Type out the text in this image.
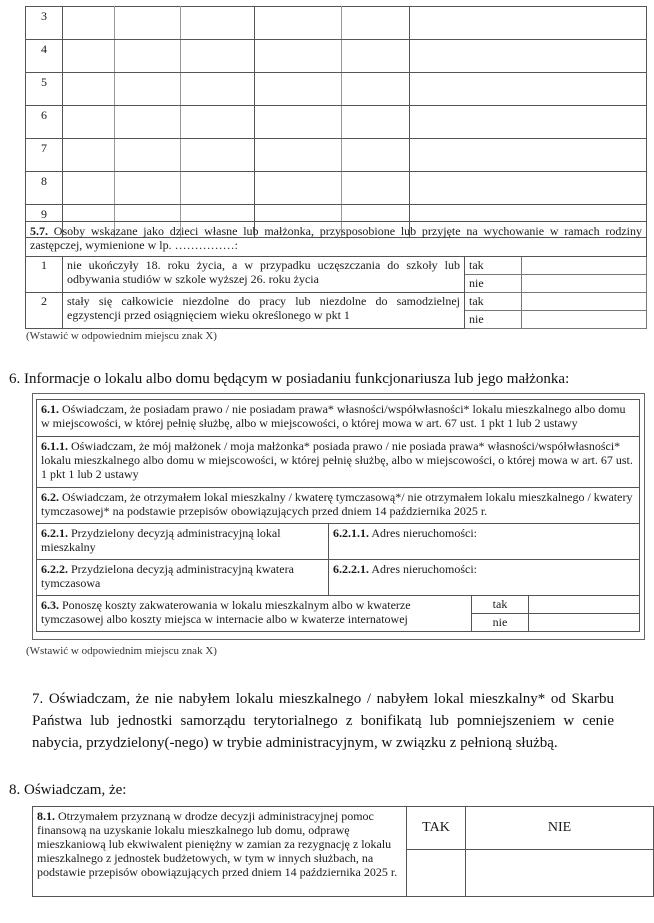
3						
4						
5						
6						
7						
8						
9						
5.7. Osoby wskazane jako dzieci własne lub małżonka, przysposobione lub przyjęte na wychowanie w ramach rodziny zastępczej, wymienione w lp. ……………:			
1	nie ukończyły 18. roku życia, a w przypadku uczęszczania do szkoły lub odbywania studiów w szkole wyższej 26. roku życia	tak	
		nie	
2	stały się całkowicie niezdolne do pracy lub niezdolne do samodzielnej egzystencji przed osiągnięciem wieku określonego w pkt 1	tak	
		nie	
(Wstawić w odpowiednim miejscu znak X)
6. Informacje o lokalu albo domu będącym w posiadaniu funkcjonariusza lub jego małżonka:
6.1. Oświadczam, że posiadam prawo / nie posiadam prawa* własności/współwłasności* lokalu mieszkalnego albo domu w miejscowości, w której pełnię służbę, albo w miejscowości, o której mowa w art. 67 ust. 1 pkt 1 lub 2 ustawy			
6.1.1. Oświadczam, że mój małżonek / moja małżonka* posiada prawo / nie posiada prawa* własności/współwłasności* lokalu mieszkalnego albo domu w miejscowości, w której pełnię służbę, albo w miejscowości, o której mowa w art. 67 ust. 1 pkt 1 lub 2 ustawy			
6.2. Oświadczam, że otrzymałem lokal mieszkalny / kwaterę tymczasową*/ nie otrzymałem lokalu mieszkalnego / kwatery tymczasowej* na podstawie przepisów obowiązujących przed dniem 14 października 2025 r.			
6.2.1. Przydzielony decyzją administracyjną lokal mieszkalny	6.2.1.1. Adres nieruchomości:		
6.2.2. Przydzielona decyzją administracyjną kwatera tymczasowa	6.2.2.1. Adres nieruchomości:		
6.3. Ponoszę koszty zakwaterowania w lokalu mieszkalnym albo w kwaterze tymczasowej albo koszty miejsca w internacie albo w kwaterze internatowej		tak	
		nie	
(Wstawić w odpowiednim miejscu znak X)
7. Oświadczam, że nie nabyłem lokalu mieszkalnego / nabyłem lokal mieszkalny* od Skarbu Państwa lub jednostki samorządu terytorialnego z bonifikatą lub pomniejszeniem w cenie nabycia, przydzielony(-nego) w trybie administracyjnym, w związku z pełnioną służbą.
8. Oświadczam, że:
8.1. Otrzymałem przyznaną w drodze decyzji administracyjnej pomoc finansową na uzyskanie lokalu mieszkalnego lub domu, odprawę mieszkaniową lub ekwiwalent pieniężny w zamian za rezygnację z lokalu mieszkalnego z jednostek budżetowych, w tym w innych służbach, na podstawie przepisów obowiązujących przed dniem 14 października 2025 r.	TAK	NIE
